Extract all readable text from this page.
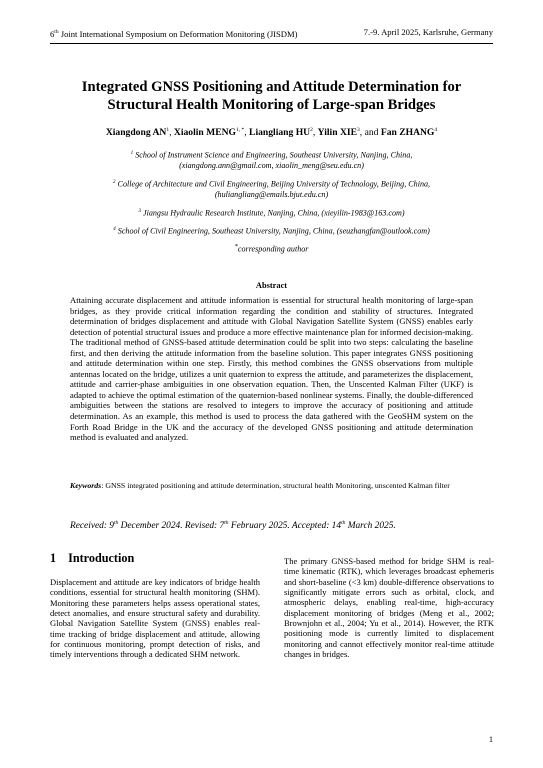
6th Joint International Symposium on Deformation Monitoring (JISDM)	7.-9. April 2025, Karlsruhe, Germany
Integrated GNSS Positioning and Attitude Determination for
Structural Health Monitoring of Large-span Bridges
Xiangdong $AN^1$, Xiaolin $MENG^{1, *}$, Liangliang $HU^2$, Yilin XIE$^3$, and Fan ZHANG$^4$
$^1$ School of Instrument Science and Engineering, Southeast University, Nanjing, China,
(xiangdong.ann@gmail.com, xiaolin_meng@seu.edu.cn)
$^2$ College of Architecture and Civil Engineering, Beijing University of Technology, Beijing, China,
(huliangliang@emails.bjut.edu.cn)
$^3$ Jiangsu Hydraulic Research Institute, Nanjing, China, (xieyilin-1983@163.com)
$^4$ School of Civil Engineering, Southeast University, Nanjing, China, (seuzhangfan@outlook.com)
*corresponding author
Abstract
Attaining accurate displacement and attitude information is essential for structural health monitoring of large-span bridges, as they provide critical information regarding the condition and stability of structures. Integrated determination of bridges displacement and attitude with Global Navigation Satellite System (GNSS) enables early detection of potential structural issues and produce a more effective maintenance plan for informed decision-making. The traditional method of GNSS-based attitude determination could be split into two steps: calculating the baseline first, and then deriving the attitude information from the baseline solution. This paper integrates GNSS positioning and attitude determination within one step. Firstly, this method combines the GNSS observations from multiple antennas located on the bridge, utilizes a unit quaternion to express the attitude, and parameterizes the displacement, attitude and carrier-phase ambiguities in one observation equation. Then, the Unscented Kalman Filter (UKF) is adapted to achieve the optimal estimation of the quaternion-based nonlinear systems. Finally, the double-differenced ambiguities between the stations are resolved to integers to improve the accuracy of positioning and attitude determination. As an example, this method is used to process the data gathered with the GeoSHM system on the Forth Road Bridge in the UK and the accuracy of the developed GNSS positioning and attitude determination method is evaluated and analyzed.
Keywords: GNSS integrated positioning and attitude determination, structural health Monitoring, unscented Kalman filter
Received: 9th December 2024. Revised: 7th February 2025. Accepted: 14th March 2025.
1 Introduction
Displacement and attitude are key indicators of bridge health conditions, essential for structural health monitoring (SHM). Monitoring these parameters helps assess operational states, detect anomalies, and ensure structural safety and durability. Global Navigation Satellite System (GNSS) enables real-time tracking of bridge displacement and attitude, allowing for continuous monitoring, prompt detection of risks, and timely interventions through a dedicated SHM network.
The primary GNSS-based method for bridge SHM is real-time kinematic (RTK), which leverages broadcast ephemeris and short-baseline (<3 km) double-difference observations to significantly mitigate errors such as orbital, clock, and atmospheric delays, enabling real-time, high-accuracy displacement monitoring of bridges (Meng et al., 2002; Brownjohn et al., 2004; Yu et al., 2014). However, the RTK positioning mode is currently limited to displacement monitoring and cannot effectively monitor real-time attitude changes in bridges.
1
